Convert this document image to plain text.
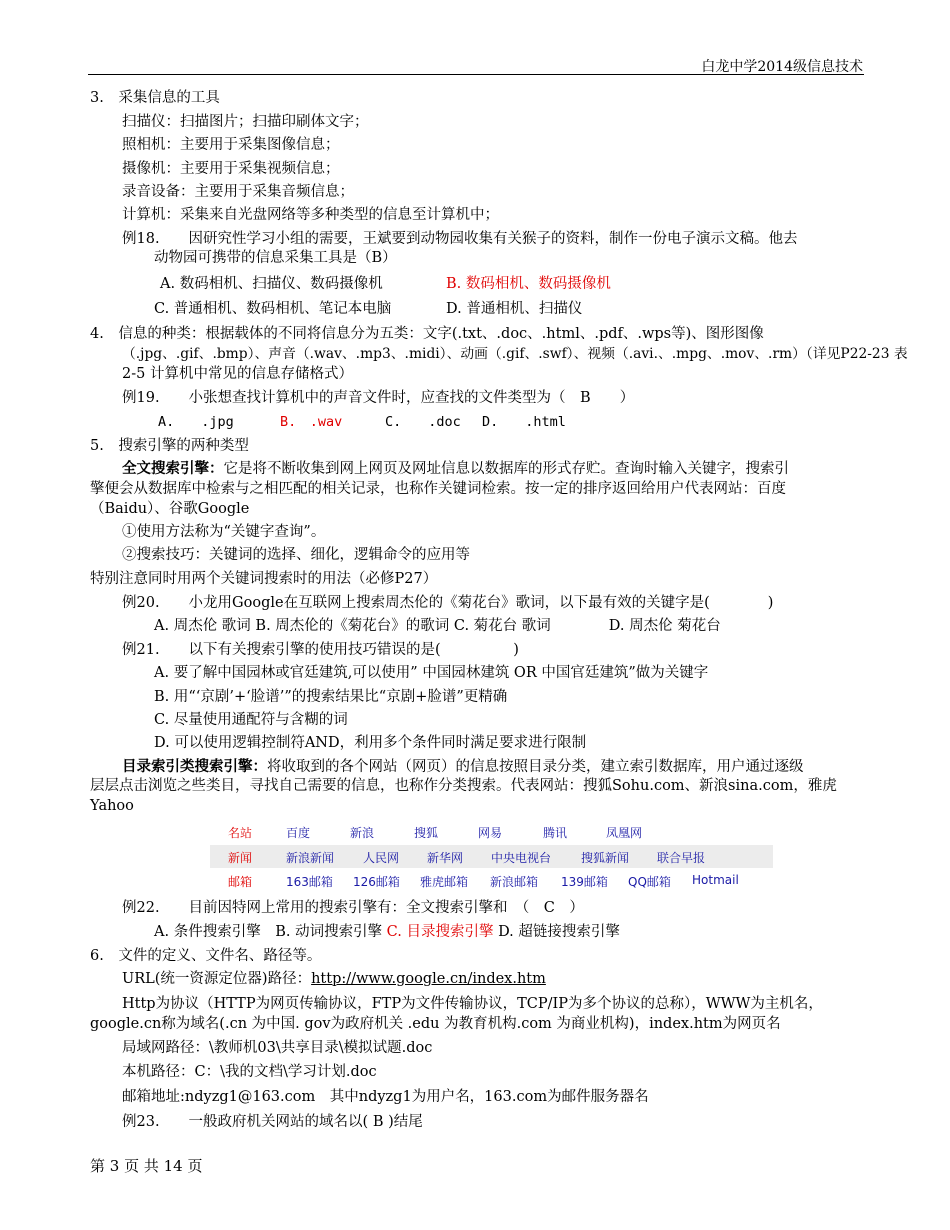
白龙中学2014级信息技术
3.　采集信息的工具
扫描仪：扫描图片；扫描印刷体文字；
照相机：主要用于采集图像信息；
摄像机：主要用于采集视频信息；
录音设备：主要用于采集音频信息；
计算机：采集来自光盘网络等多种类型的信息至计算机中；
例18.　　因研究性学习小组的需要，王斌要到动物园收集有关猴子的资料，制作一份电子演示文稿。他去
动物园可携带的信息采集工具是（B）
A. 数码相机、扫描仪、数码摄像机	B. 数码相机、数码摄像机
C. 普通相机、数码相机、笔记本电脑	D. 普通相机、扫描仪
4.　信息的种类：根据载体的不同将信息分为五类：文字(.txt、.doc、.html、.pdf、.wps等)、图形图像
（.jpg、.gif、.bmp）、声音（.wav、.mp3、.midi）、动画（.gif、.swf）、视频（.avi.、.mpg、.mov、.rm）（详见P22-23 表
2-5 计算机中常见的信息存储格式）
例19.　　小张想查找计算机中的声音文件时，应查找的文件类型为（　B　　）
A.　　.jpg	B.　.wav	C.　　.doc D.　　.html
5.　搜索引擎的两种类型
全文搜索引擎：它是将不断收集到网上网页及网址信息以数据库的形式存贮。查询时输入关键字，搜索引
擎便会从数据库中检索与之相匹配的相关记录，也称作关键词检索。按一定的排序返回给用户代表网站：百度
（Baidu）、谷歌Google
①使用方法称为“关键字查询”。
②搜索技巧：关键词的选择、细化，逻辑命令的应用等
特别注意同时用两个关键词搜索时的用法（必修P27）
例20.　　小龙用Google在互联网上搜索周杰伦的《菊花台》歌词，以下最有效的关键字是(　　　　)
A. 周杰伦 歌词 B. 周杰伦的《菊花台》的歌词 C. 菊花台 歌词　　　　D. 周杰伦 菊花台
例21.　　以下有关搜索引擎的使用技巧错误的是(　　　　　)
A. 要了解中国园林或官廷建筑,可以使用” 中国园林建筑 OR 中国官廷建筑”做为关键字
B. 用“‘京剧’+‘脸谱’”的搜索结果比“京剧+脸谱”更精确
C. 尽量使用通配符与含糊的词
D. 可以使用逻辑控制符AND，利用多个条件同时满足要求进行限制
目录索引类搜索引擎：将收取到的各个网站（网页）的信息按照目录分类，建立索引数据库，用户通过逐级
层层点击浏览之些类目，寻找自己需要的信息，也称作分类搜索。代表网站：搜狐Sohu.com、新浪sina.com，雅虎
Yahoo
名站	百度	新浪	搜狐	网易	腾讯	凤凰网
新闻	新浪新闻 人民网 新华网 中央电视台 搜狐新闻 联合早报
邮箱	163邮箱 126邮箱 雅虎邮箱 新浪邮箱 139邮箱 QQ邮箱 Hotmail
例22.　　目前因特网上常用的搜索引擎有：全文搜索引擎和　（　C　）
A. 条件搜索引擎　B. 动词搜索引擎 C. 目录搜索引擎 D. 超链接搜索引擎
6.　文件的定义、文件名、路径等。
URL(统一资源定位器)路径：http://www.google.cn/index.htm
Http为协议（HTTP为网页传输协议，FTP为文件传输协议，TCP/IP为多个协议的总称），WWW为主机名，
google.cn称为域名(.cn 为中国. gov为政府机关 .edu 为教育机构.com 为商业机构)，index.htm为网页名
局域网路径：\教师机03\共享目录\模拟试题.doc
本机路径：C：\我的文档\学习计划.doc
邮箱地址:ndyzg1@163.com　其中ndyzg1为用户名，163.com为邮件服务器名
例23.　　一般政府机关网站的域名以( B )结尾
第 3 页 共 14 页
